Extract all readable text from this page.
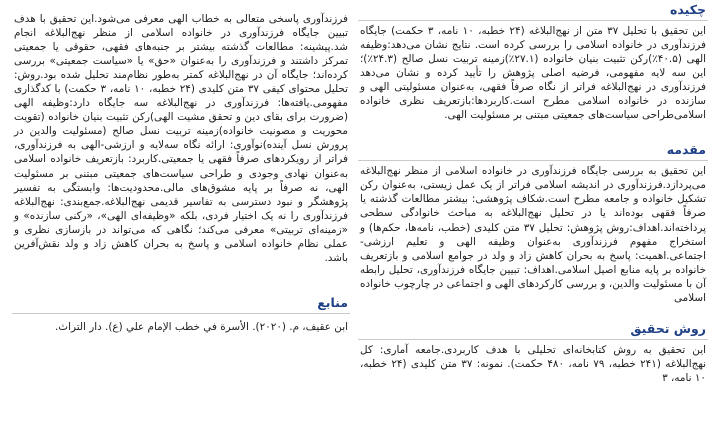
چکیده

این تحقیق با تحلیل ۳۷ متن از نهج‌البلاغه (۲۴ خطبه، ۱۰ نامه، ۳ حکمت) جایگاه فرزندآوری در خانواده اسلامی را بررسی کرده است. نتایج نشان می‌دهد:وظیفه الهی (۴۰.۵٪)رکن تثبیت بنیان خانواده (۲۷.۱٪)زمینه تربیت نسل صالح (۲۴.۳٪)؛ این سه لایه مفهومی، فرضیه اصلی پژوهش را تأیید کرده و نشان می‌دهد فرزندآوری در نهج‌البلاغه فراتر از نگاه صرفاً فقهی، به‌عنوان مسئولیتی الهی و سازنده در خانواده اسلامی مطرح است.کاربردها:بازتعریف نظری خانواده اسلامی‌طراحی سیاست‌های جمعیتی مبتنی بر مسئولیت الهی.

مقدمه

این تحقیق به بررسی جایگاه فرزندآوری در خانواده اسلامی از منظر نهج‌البلاغه می‌پردازد.فرزندآوری در اندیشه اسلامی فراتر از یک عمل زیستی، به‌عنوان رکن تشکیل خانواده و جامعه مطرح است.شکاف پژوهشی: بیشتر مطالعات گذشته یا صرفاً فقهی بوده‌اند یا در تحلیل نهج‌البلاغه به مباحث خانوادگی سطحی پرداخته‌اند.اهداف:روش پژوهش: تحلیل ۳۷ متن کلیدی (خطب، نامه‌ها، حکم‌ها) و استخراج مفهوم فرزندآوری به‌عنوان وظیفه الهی و تعلیم ارزشی-اجتماعی.اهمیت: پاسخ به بحران کاهش زاد و ولد در جوامع اسلامی و بازتعریف خانواده بر پایه منابع اصیل اسلامی.اهداف: تبیین جایگاه فرزندآوری، تحلیل رابطه آن با مسئولیت والدین، و بررسی کارکردهای الهی و اجتماعی در چارچوب خانواده اسلامی

روش تحقیق

این تحقیق به روش کتابخانه‌ای تحلیلی با هدف کاربردی.جامعه آماری: کل نهج‌البلاغه (۲۴۱ خطبه، ۷۹ نامه، ۴۸۰ حکمت). نمونه: ۳۷ متن کلیدی (۲۴ خطبه، ۱۰ نامه، ۳

فرزندآوری پاسخی متعالی به خطاب الهی معرفی می‌شود.این تحقیق با هدف تبیین جایگاه فرزندآوری در خانواده اسلامی از منظر نهج‌البلاغه انجام شد.پیشینه: مطالعات گذشته بیشتر بر جنبه‌های فقهی، حقوقی یا جمعیتی تمرکز داشتند و فرزندآوری را به‌عنوان «حق» یا «سیاست جمعیتی» بررسی کرده‌اند؛ جایگاه آن در نهج‌البلاغه کمتر به‌طور نظام‌مند تحلیل شده بود.روش: تحلیل محتوای کیفی ۳۷ متن کلیدی (۲۴ خطبه، ۱۰ نامه، ۳ حکمت) با کدگذاری مفهومی.یافته‌ها: فرزندآوری در نهج‌البلاغه سه جایگاه دارد:وظیفه الهی (ضرورت برای بقای دین و تحقق مشیت الهی)رکن تثبیت بنیان خانواده (تقویت محوریت و مصونیت خانواده)زمینه تربیت نسل صالح (مسئولیت والدین در پرورش نسل آینده)نوآوری: ارائه نگاه سه‌لایه و ارزشی-الهی به فرزندآوری، فراتر از رویکردهای صرفاً فقهی یا جمعیتی.کاربرد: بازتعریف خانواده اسلامی به‌عنوان نهادی وجودی و طراحی سیاست‌های جمعیتی مبتنی بر مسئولیت الهی، نه صرفاً بر پایه مشوق‌های مالی.محدودیت‌ها: وابستگی به تفسیر پژوهشگر و نبود دسترسی به تفاسیر قدیمی نهج‌البلاغه.جمع‌بندی: نهج‌البلاغه فرزندآوری را نه یک اختیار فردی، بلکه «وظیفه‌ای الهی»، «رکنی سازنده» و «زمینه‌ای تربیتی» معرفی می‌کند؛ نگاهی که می‌تواند در بازسازی نظری و عملی نظام خانواده اسلامی و پاسخ به بحران کاهش زاد و ولد نقش‌آفرین باشد.

منابع

ابن عقیف، م. (۲۰۲۰). الأسرة في خطب الإمام علي (ع). دار التراث.
